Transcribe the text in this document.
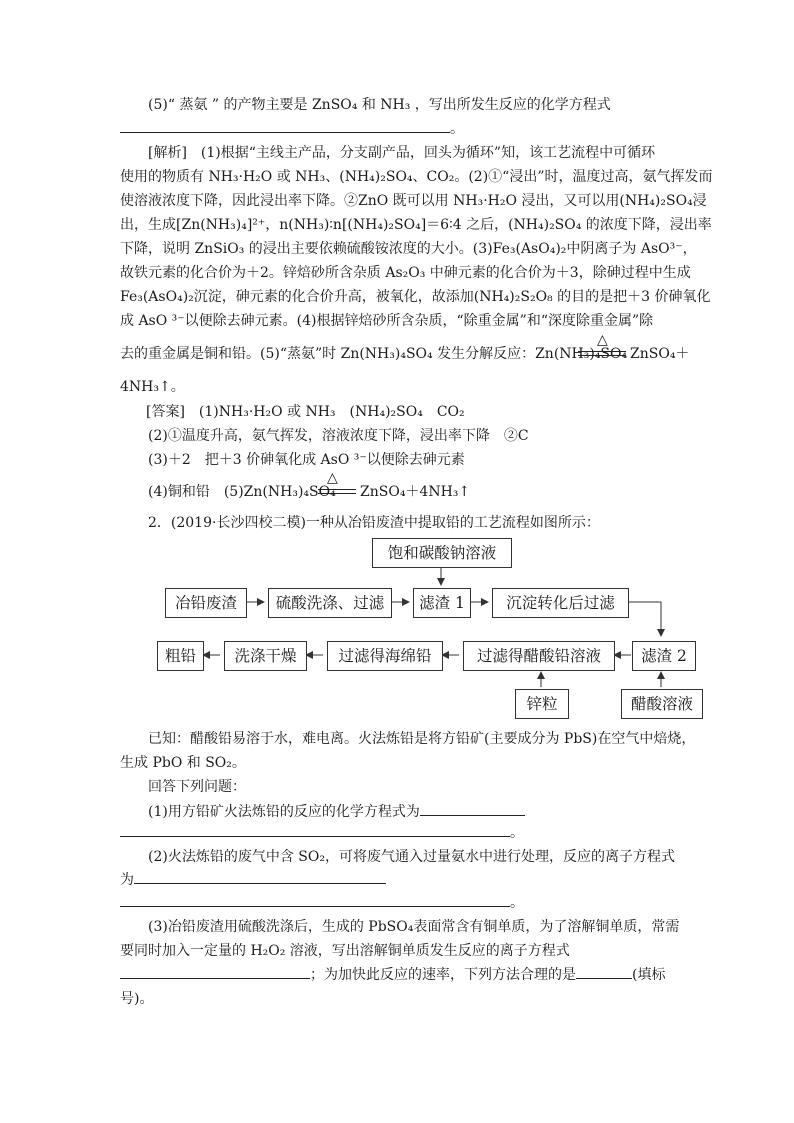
(5)“ 蒸氨 ” 的产物主要是 ZnSO₄ 和 NH₃ ，写出所发生反应的化学方程式
。
[解析]　(1)根据“主线主产品，分支副产品，回头为循环”知，该工艺流程中可循环
使用的物质有 NH₃·H₂O 或 NH₃、(NH₄)₂SO₄、CO₂。(2)①“浸出”时，温度过高，氨气挥发而
使溶液浓度下降，因此浸出率下降。②ZnO 既可以用 NH₃·H₂O 浸出，又可以用(NH₄)₂SO₄浸
出，生成[Zn(NH₃)₄]²⁺，n(NH₃)∶n[(NH₄)₂SO₄]＝6∶4 之后，(NH₄)₂SO₄ 的浓度下降，浸出率
下降，说明 ZnSiO₃ 的浸出主要依赖硫酸铵浓度的大小。(3)Fe₃(AsO₄)₂中阴离子为 AsO³⁻，
故铁元素的化合价为＋2。锌焙砂所含杂质 As₂O₃ 中砷元素的化合价为＋3，除砷过程中生成
Fe₃(AsO₄)₂沉淀，砷元素的化合价升高，被氧化，故添加(NH₄)₂S₂O₈ 的目的是把＋3 价砷氧化
成 AsO ³⁻以便除去砷元素。(4)根据锌焙砂所含杂质，“除重金属”和“深度除重金属”除
去的重金属是铜和铅。(5)“蒸氨”时 Zn(NH₃)₄SO₄ 发生分解反应：Zn(NH₃)₄SO₄
△
ZnSO₄＋
4NH₃↑。
[答案]　(1)NH₃·H₂O 或 NH₃　(NH₄)₂SO₄　CO₂
(2)①温度升高，氨气挥发，溶液浓度下降，浸出率下降　②C
(3)＋2　把＋3 价砷氧化成 AsO ³⁻以便除去砷元素
(4)铜和铅　(5)Zn(NH₃)₄SO₄
△
ZnSO₄＋4NH₃↑
2．(2019·长沙四校二模)一种从冶铅废渣中提取铅的工艺流程如图所示：
饱和碳酸钠溶液
冶铅废渣	硫酸洗涤、过滤	滤渣 1	沉淀转化后过滤
滤渣 2
过滤得醋酸铅溶液
过滤得海绵铅
洗涤干燥
粗铅
锌粒	醋酸溶液
已知：醋酸铅易溶于水，难电离。火法炼铅是将方铅矿(主要成分为 PbS)在空气中焙烧，
生成 PbO 和 SO₂。
回答下列问题：
(1)用方铅矿火法炼铅的反应的化学方程式为
。
(2)火法炼铅的废气中含 SO₂，可将废气通入过量氨水中进行处理，反应的离子方程式
为
。
(3)冶铅废渣用硫酸洗涤后，生成的 PbSO₄表面常含有铜单质，为了溶解铜单质，常需
要同时加入一定量的 H₂O₂ 溶液，写出溶解铜单质发生反应的离子方程式
；为加快此反应的速率，下列方法合理的是	(填标
号)。
